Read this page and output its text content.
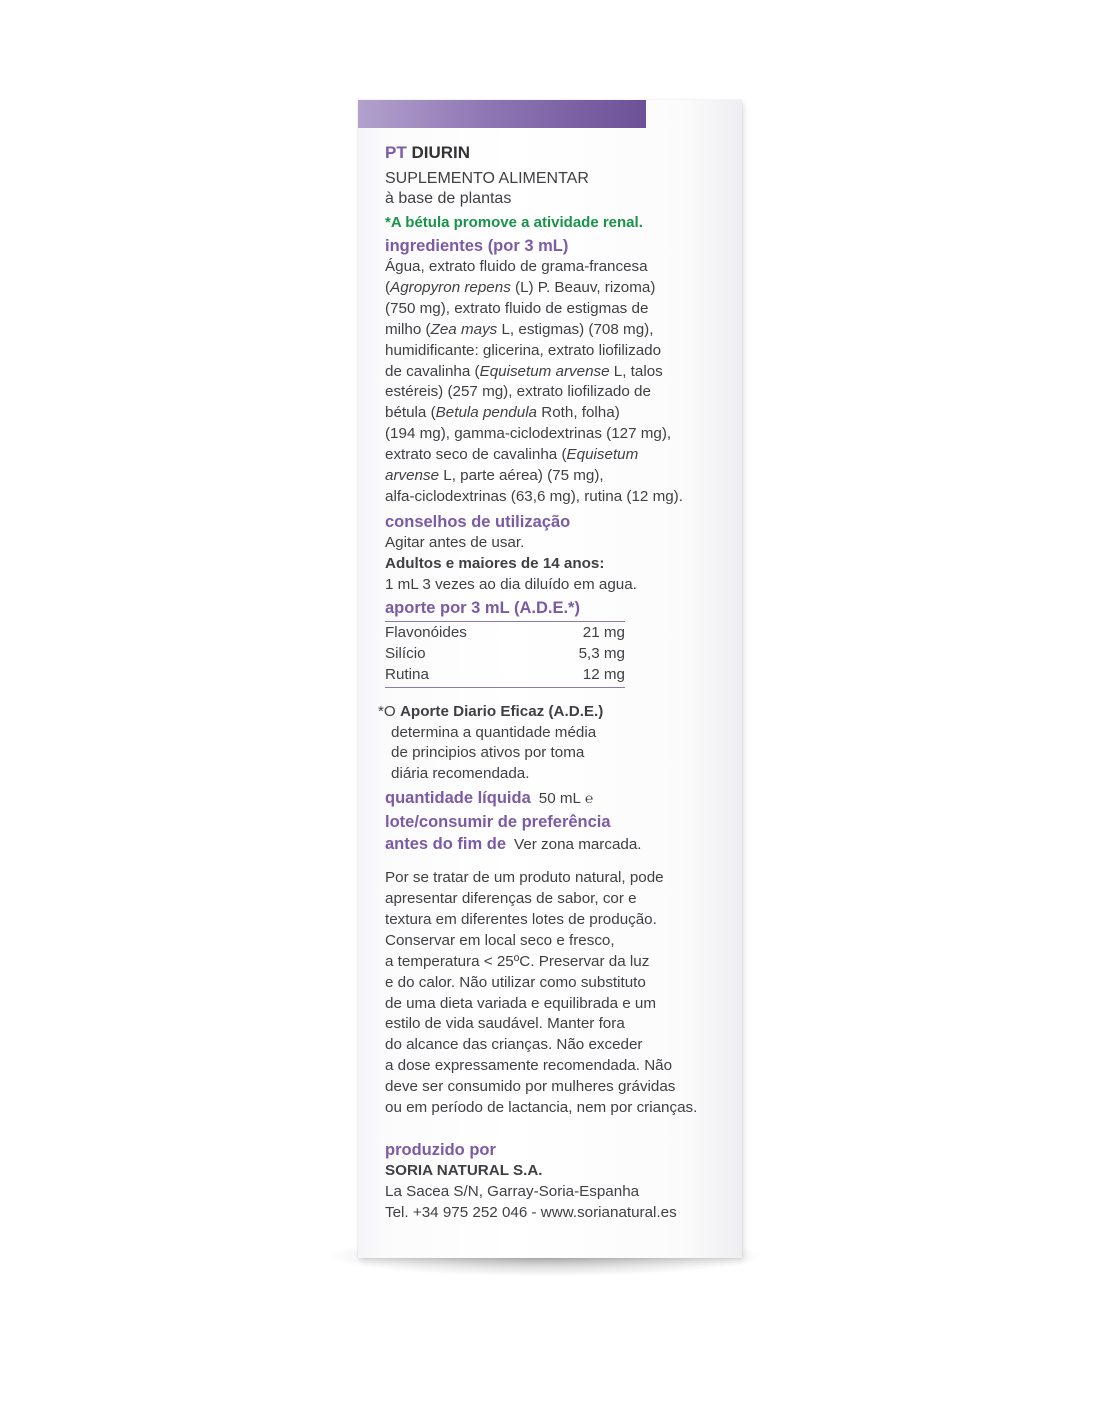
PT DIURIN
SUPLEMENTO ALIMENTAR
à base de plantas
*A bétula promove a atividade renal.
ingredientes (por 3 mL)
Água, extrato fluido de grama-francesa
(Agropyron repens (L) P. Beauv, rizoma)
(750 mg), extrato fluido de estigmas de
milho (Zea mays L, estigmas) (708 mg),
humidificante: glicerina, extrato liofilizado
de cavalinha (Equisetum arvense L, talos
estéreis) (257 mg), extrato liofilizado de
bétula (Betula pendula Roth, folha)
(194 mg), gamma-ciclodextrinas (127 mg),
extrato seco de cavalinha (Equisetum
arvense L, parte aérea) (75 mg),
alfa-ciclodextrinas (63,6 mg), rutina (12 mg).
conselhos de utilização
Agitar antes de usar.
Adultos e maiores de 14 anos:
1 mL 3 vezes ao dia diluído em agua.
aporte por 3 mL (A.D.E.*)
Flavonóides	21 mg
Silício	5,3 mg
Rutina	12 mg
*O Aporte Diario Eficaz (A.D.E.)
determina a quantidade média
de principios ativos por toma
diária recomendada.
quantidade líquida 50 mL ℮
lote/consumir de preferência
antes do fim de Ver zona marcada.
Por se tratar de um produto natural, pode
apresentar diferenças de sabor, cor e
textura em diferentes lotes de produção.
Conservar em local seco e fresco,
a temperatura < 25ºC. Preservar da luz
e do calor. Não utilizar como substituto
de uma dieta variada e equilibrada e um
estilo de vida saudável. Manter fora
do alcance das crianças. Não exceder
a dose expressamente recomendada. Não
deve ser consumido por mulheres grávidas
ou em período de lactancia, nem por crianças.
produzido por
SORIA NATURAL S.A.
La Sacea S/N, Garray-Soria-Espanha
Tel. +34 975 252 046 - www.sorianatural.es
